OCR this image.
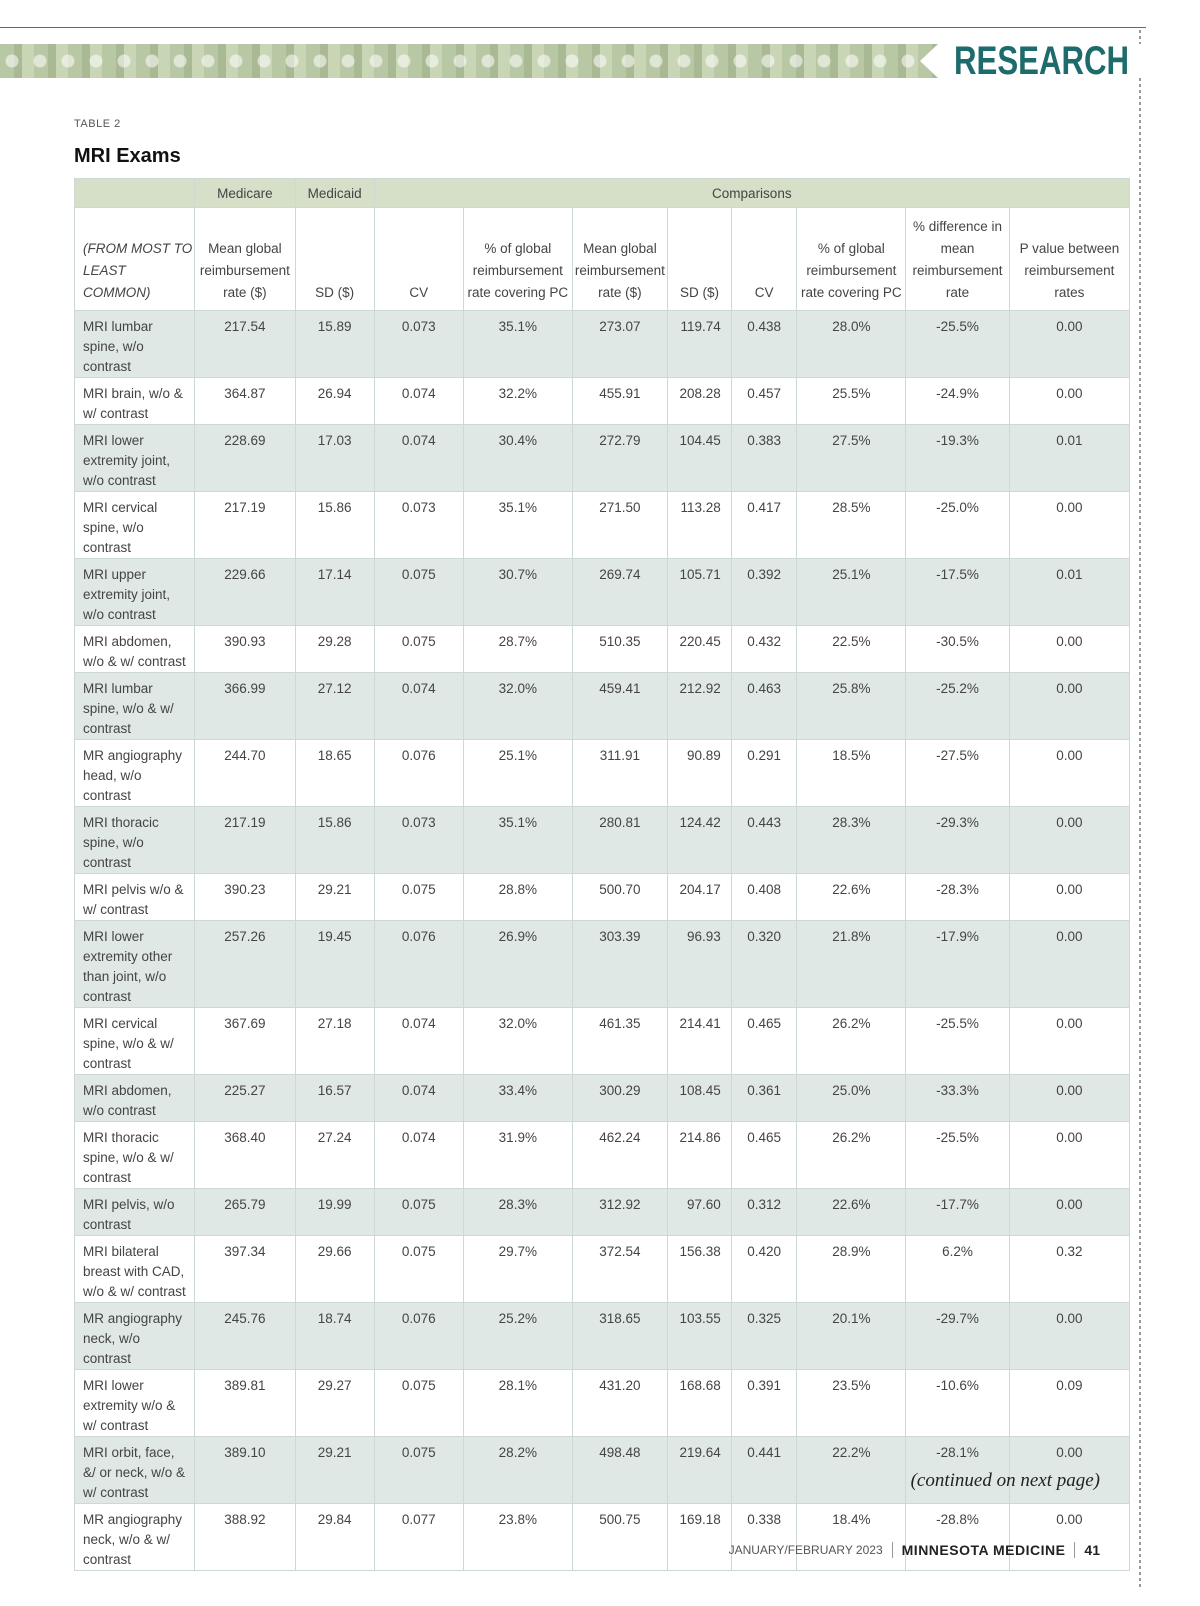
RESEARCH
TABLE 2
MRI Exams
	Medicare	Medicaid	Comparisons							
(FROM MOST TO LEAST COMMON)	Mean global reimbursement rate ($)	SD ($)	CV	% of global reimbursement rate covering PC	Mean global reimbursement rate ($)	SD ($)	CV	% of global reimbursement rate covering PC	% difference in mean reimbursement rate	P value between reimbursement rates
MRI lumbar spine, w/o contrast	217.54	15.89	0.073	35.1%	273.07	119.74	0.438	28.0%	-25.5%	0.00
MRI brain, w/o & w/ contrast	364.87	26.94	0.074	32.2%	455.91	208.28	0.457	25.5%	-24.9%	0.00
MRI lower extremity joint, w/o contrast	228.69	17.03	0.074	30.4%	272.79	104.45	0.383	27.5%	-19.3%	0.01
MRI cervical spine, w/o contrast	217.19	15.86	0.073	35.1%	271.50	113.28	0.417	28.5%	-25.0%	0.00
MRI upper extremity joint, w/o contrast	229.66	17.14	0.075	30.7%	269.74	105.71	0.392	25.1%	-17.5%	0.01
MRI abdomen, w/o & w/ contrast	390.93	29.28	0.075	28.7%	510.35	220.45	0.432	22.5%	-30.5%	0.00
MRI lumbar spine, w/o & w/ contrast	366.99	27.12	0.074	32.0%	459.41	212.92	0.463	25.8%	-25.2%	0.00
MR angiography head, w/o contrast	244.70	18.65	0.076	25.1%	311.91	90.89	0.291	18.5%	-27.5%	0.00
MRI thoracic spine, w/o contrast	217.19	15.86	0.073	35.1%	280.81	124.42	0.443	28.3%	-29.3%	0.00
MRI pelvis w/o & w/ contrast	390.23	29.21	0.075	28.8%	500.70	204.17	0.408	22.6%	-28.3%	0.00
MRI lower extremity other than joint, w/o contrast	257.26	19.45	0.076	26.9%	303.39	96.93	0.320	21.8%	-17.9%	0.00
MRI cervical spine, w/o & w/ contrast	367.69	27.18	0.074	32.0%	461.35	214.41	0.465	26.2%	-25.5%	0.00
MRI abdomen, w/o contrast	225.27	16.57	0.074	33.4%	300.29	108.45	0.361	25.0%	-33.3%	0.00
MRI thoracic spine, w/o & w/ contrast	368.40	27.24	0.074	31.9%	462.24	214.86	0.465	26.2%	-25.5%	0.00
MRI pelvis, w/o contrast	265.79	19.99	0.075	28.3%	312.92	97.60	0.312	22.6%	-17.7%	0.00
MRI bilateral breast with CAD, w/o & w/ contrast	397.34	29.66	0.075	29.7%	372.54	156.38	0.420	28.9%	6.2%	0.32
MR angiography neck, w/o contrast	245.76	18.74	0.076	25.2%	318.65	103.55	0.325	20.1%	-29.7%	0.00
MRI lower extremity w/o & w/ contrast	389.81	29.27	0.075	28.1%	431.20	168.68	0.391	23.5%	-10.6%	0.09
MRI orbit, face, &/ or neck, w/o & w/ contrast	389.10	29.21	0.075	28.2%	498.48	219.64	0.441	22.2%	-28.1%	0.00
MR angiography neck, w/o & w/ contrast	388.92	29.84	0.077	23.8%	500.75	169.18	0.338	18.4%	-28.8%	0.00
(continued on next page)
JANUARY/FEBRUARY 2023 MINNESOTA MEDICINE 41
